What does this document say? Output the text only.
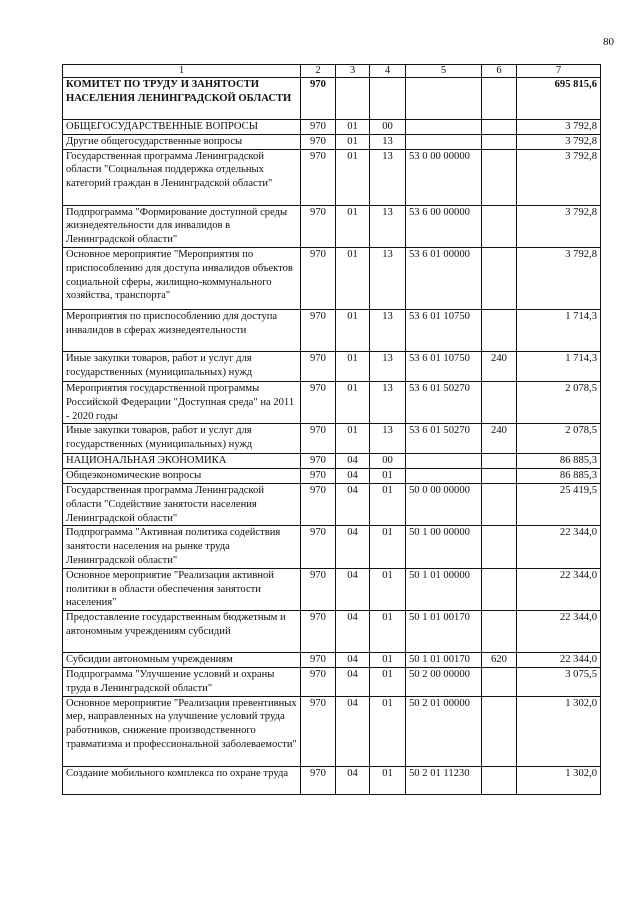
80
1	2	3	4	5	6	7
КОМИТЕТ ПО ТРУДУ И ЗАНЯТОСТИ НАСЕЛЕНИЯ ЛЕНИНГРАДСКОЙ ОБЛАСТИ	970					695 815,6
ОБЩЕГОСУДАРСТВЕННЫЕ ВОПРОСЫ	970	01	00			3 792,8
Другие общегосударственные вопросы	970	01	13			3 792,8
Государственная программа Ленинградской области "Социальная поддержка отдельных категорий граждан в Ленинградской области"	970	01	13	53 0 00 00000		3 792,8
Подпрограмма "Формирование доступной среды жизнедеятельности для инвалидов в Ленинградской области"	970	01	13	53 6 00 00000		3 792,8
Основное мероприятие "Мероприятия по приспособлению для доступа инвалидов объектов социальной сферы, жилищно-коммунального хозяйства, транспорта"	970	01	13	53 6 01 00000		3 792,8
Мероприятия по приспособлению для доступа инвалидов в сферах жизнедеятельности	970	01	13	53 6 01 10750		1 714,3
Иные закупки товаров, работ и услуг для государственных (муниципальных) нужд	970	01	13	53 6 01 10750	240	1 714,3
Мероприятия государственной программы Российской Федерации "Доступная среда" на 2011 - 2020 годы	970	01	13	53 6 01 50270		2 078,5
Иные закупки товаров, работ и услуг для государственных (муниципальных) нужд	970	01	13	53 6 01 50270	240	2 078,5
НАЦИОНАЛЬНАЯ ЭКОНОМИКА	970	04	00			86 885,3
Общеэкономические вопросы	970	04	01			86 885,3
Государственная программа Ленинградской области "Содействие занятости населения Ленинградской области"	970	04	01	50 0 00 00000		25 419,5
Подпрограмма "Активная политика содействия занятости населения на рынке труда Ленинградской области"	970	04	01	50 1 00 00000		22 344,0
Основное мероприятие "Реализация активной политики в области обеспечения занятости населения"	970	04	01	50 1 01 00000		22 344,0
Предоставление государственным бюджетным и автономным учреждениям субсидий	970	04	01	50 1 01 00170		22 344,0
Субсидии автономным учреждениям	970	04	01	50 1 01 00170	620	22 344,0
Подпрограмма "Улучшение условий и охраны труда в Ленинградской области"	970	04	01	50 2 00 00000		3 075,5
Основное мероприятие "Реализация превентивных мер, направленных на улучшение условий труда работников, снижение производственного травматизма и профессиональной заболеваемости"	970	04	01	50 2 01 00000		1 302,0
Создание мобильного комплекса по охране труда	970	04	01	50 2 01 11230		1 302,0
